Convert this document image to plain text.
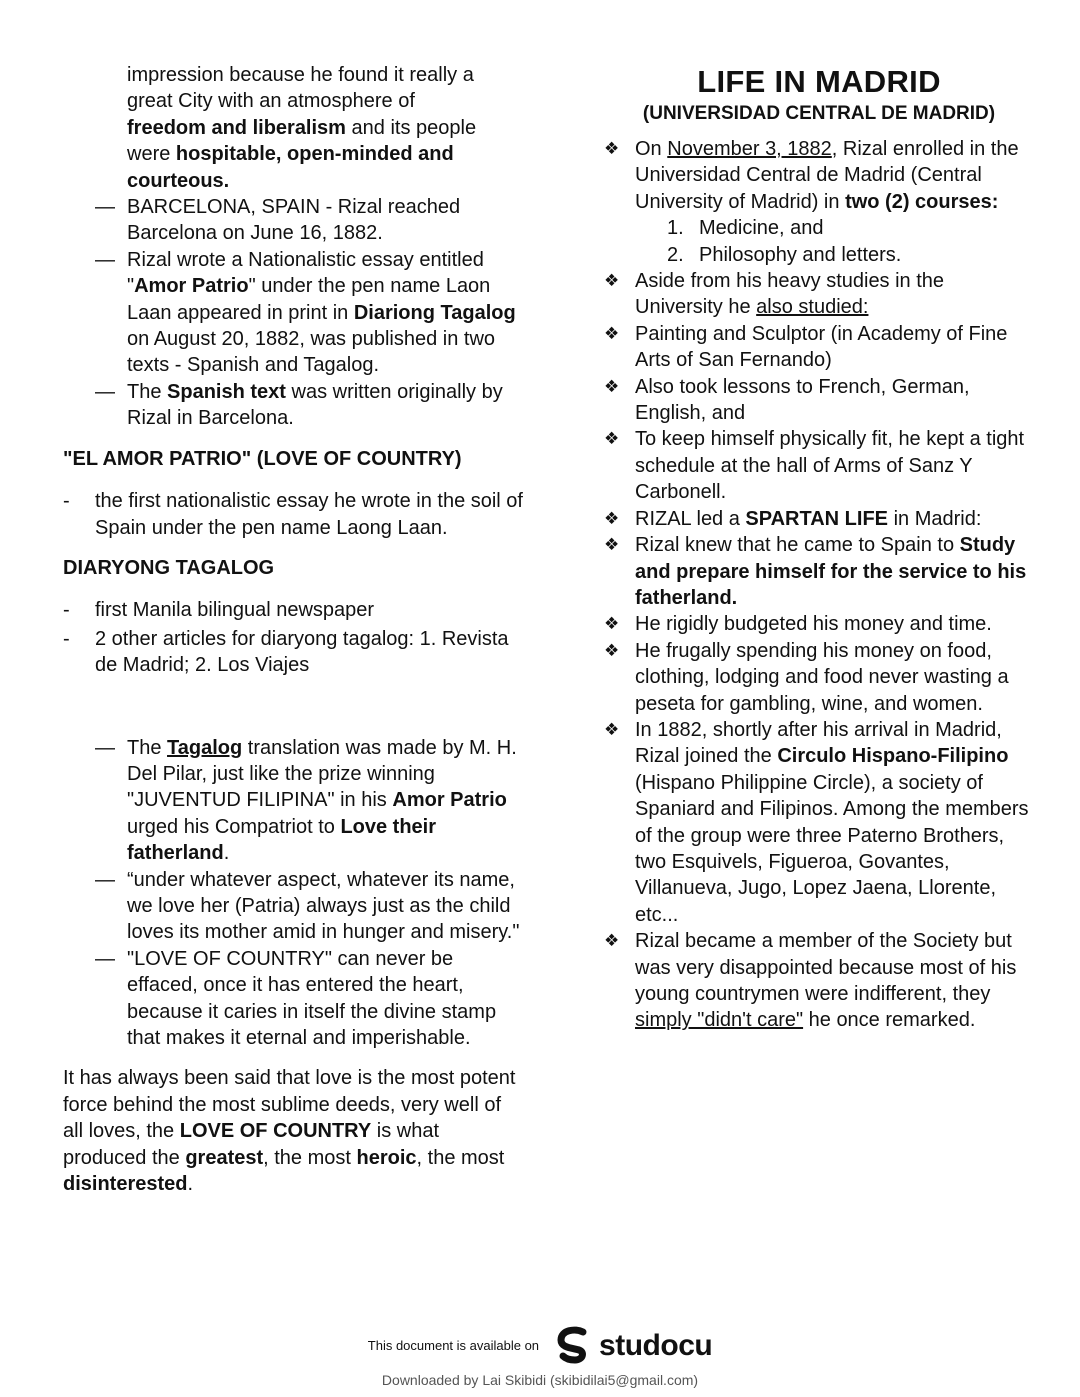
impression because he found it really a
great City with an atmosphere of
freedom and liberalism and its people
were hospitable, open-minded and
courteous.
— BARCELONA, SPAIN - Rizal reached Barcelona on June 16, 1882.
— Rizal wrote a Nationalistic essay entitled "Amor Patrio" under the pen name Laon Laan appeared in print in Diariong Tagalog on August 20, 1882, was published in two texts - Spanish and Tagalog.
— The Spanish text was written originally by Rizal in Barcelona.

"EL AMOR PATRIO" (LOVE OF COUNTRY)

- the first nationalistic essay he wrote in the soil of Spain under the pen name Laong Laan.

DIARYONG TAGALOG

- first Manila bilingual newspaper
- 2 other articles for diaryong tagalog: 1. Revista de Madrid; 2. Los Viajes
— The Tagalog translation was made by M. H. Del Pilar, just like the prize winning "JUVENTUD FILIPINA" in his Amor Patrio urged his Compatriot to Love their fatherland.
— “under whatever aspect, whatever its name, we love her (Patria) always just as the child loves its mother amid in hunger and misery."
— "LOVE OF COUNTRY" can never be effaced, once it has entered the heart, because it caries in itself the divine stamp that makes it eternal and imperishable.

It has always been said that love is the most potent force behind the most sublime deeds, very well of all loves, the LOVE OF COUNTRY is what produced the greatest, the most heroic, the most disinterested.

LIFE IN MADRID

(UNIVERSIDAD CENTRAL DE MADRID)

❖ On November 3, 1882, Rizal enrolled in the Universidad Central de Madrid (Central University of Madrid) in two (2) courses:
1. Medicine, and
2. Philosophy and letters.
❖ Aside from his heavy studies in the University he also studied:
❖ Painting and Sculptor (in Academy of Fine Arts of San Fernando)
❖ Also took lessons to French, German, English, and
❖ To keep himself physically fit, he kept a tight schedule at the hall of Arms of Sanz Y Carbonell.
❖ RIZAL led a SPARTAN LIFE in Madrid:
❖ Rizal knew that he came to Spain to Study and prepare himself for the service to his fatherland.
❖ He rigidly budgeted his money and time.
❖ He frugally spending his money on food, clothing, lodging and food never wasting a peseta for gambling, wine, and women.
❖ In 1882, shortly after his arrival in Madrid, Rizal joined the Circulo Hispano-Filipino (Hispano Philippine Circle), a society of Spaniard and Filipinos. Among the members of the group were three Paterno Brothers, two Esquivels, Figueroa, Govantes, Villanueva, Jugo, Lopez Jaena, Llorente, etc...
❖ Rizal became a member of the Society but was very disappointed because most of his young countrymen were indifferent, they simply "didn't care" he once remarked.
This document is available on studocu
Downloaded by Lai Skibidi (skibidilai5@gmail.com)
